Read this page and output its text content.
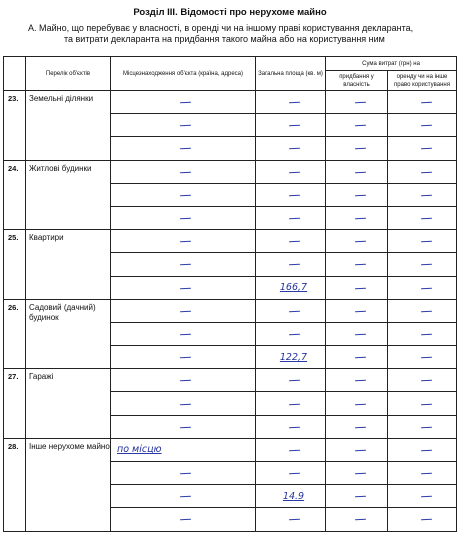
Розділ ІІІ. Відомості про нерухоме майно
А. Майно, що перебуває у власності, в оренді чи на іншому праві користування декларанта,
та витрати декларанта на придбання такого майна або на користування ним
	Перелік об'єктів	Місцезнаходження об'єкта (країна, адреса)	Загальна площа (кв. м)	Сума витрат (грн) на	
				придбання у власність	оренду чи на інше право користування
23.	Земельні ділянки				

24.	Житлові будинки				

25.	Квартири				

			166,7		
26.	Садовий (дачний) будинок				

			122,7		
27.	Гаражі				

28.	Інше нерухоме майно	по місцю			

			14.9		
